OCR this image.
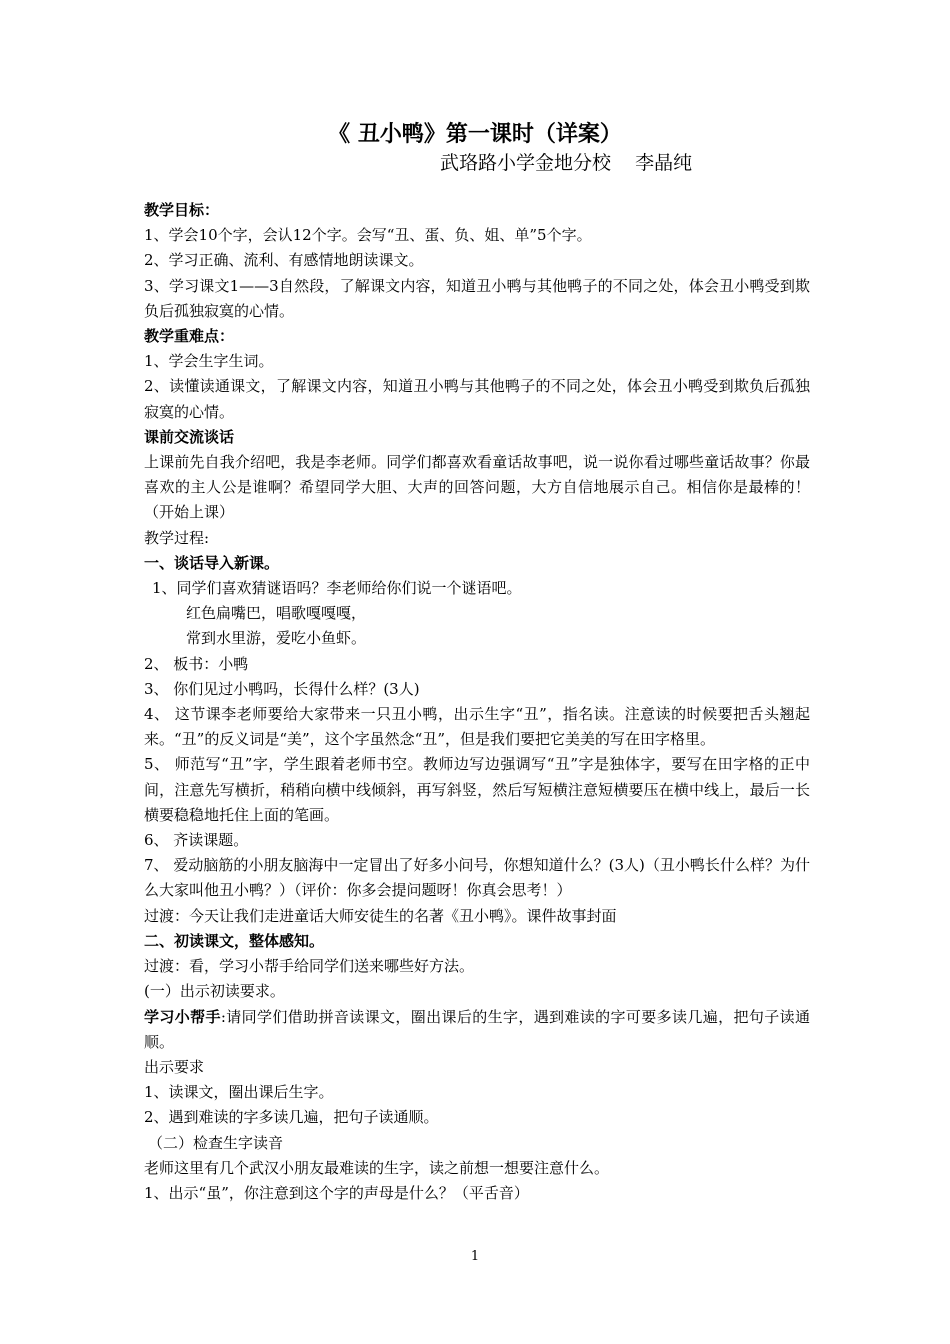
《 丑小鸭》第一课时（详案）
武珞路小学金地分校    李晶纯

教学目标：

1、学会10个字，会认12个字。会写“丑、蛋、负、姐、单”5个字。

2、学习正确、流利、有感情地朗读课文。

3、学习课文1——3自然段，了解课文内容，知道丑小鸭与其他鸭子的不同之处，体会丑小鸭受到欺负后孤独寂寞的心情。

教学重难点：

1、学会生字生词。

2、读懂读通课文，了解课文内容，知道丑小鸭与其他鸭子的不同之处，体会丑小鸭受到欺负后孤独寂寞的心情。

课前交流谈话

上课前先自我介绍吧，我是李老师。同学们都喜欢看童话故事吧，说一说你看过哪些童话故事？你最喜欢的主人公是谁啊？希望同学大胆、大声的回答问题，大方自信地展示自己。相信你是最棒的！（开始上课）

教学过程:

一、谈话导入新课。

1、同学们喜欢猜谜语吗？李老师给你们说一个谜语吧。

红色扁嘴巴，唱歌嘎嘎嘎，

常到水里游，爱吃小鱼虾。

2、 板书：小鸭

3、 你们见过小鸭吗，长得什么样？(3人)

4、 这节课李老师要给大家带来一只丑小鸭，出示生字“丑”，指名读。注意读的时候要把舌头翘起来。“丑”的反义词是“美”，这个字虽然念“丑”，但是我们要把它美美的写在田字格里。

5、 师范写“丑”字，学生跟着老师书空。教师边写边强调写“丑”字是独体字，要写在田字格的正中间，注意先写横折，稍稍向横中线倾斜，再写斜竖，然后写短横注意短横要压在横中线上，最后一长横要稳稳地托住上面的笔画。

6、 齐读课题。

7、 爱动脑筋的小朋友脑海中一定冒出了好多小问号，你想知道什么？(3人)（丑小鸭长什么样？为什么大家叫他丑小鸭？）（评价：你多会提问题呀！你真会思考！）

过渡：今天让我们走进童话大师安徒生的名著《丑小鸭》。课件故事封面

二、初读课文，整体感知。

过渡：看，学习小帮手给同学们送来哪些好方法。

(一）出示初读要求。

学习小帮手:请同学们借助拼音读课文，圈出课后的生字，遇到难读的字可要多读几遍，把句子读通顺。

出示要求

1、读课文，圈出课后生字。

2、遇到难读的字多读几遍，把句子读通顺。

（二）检查生字读音

老师这里有几个武汉小朋友最难读的生字，读之前想一想要注意什么。

1、出示“虽”，你注意到这个字的声母是什么？（平舌音）

1
